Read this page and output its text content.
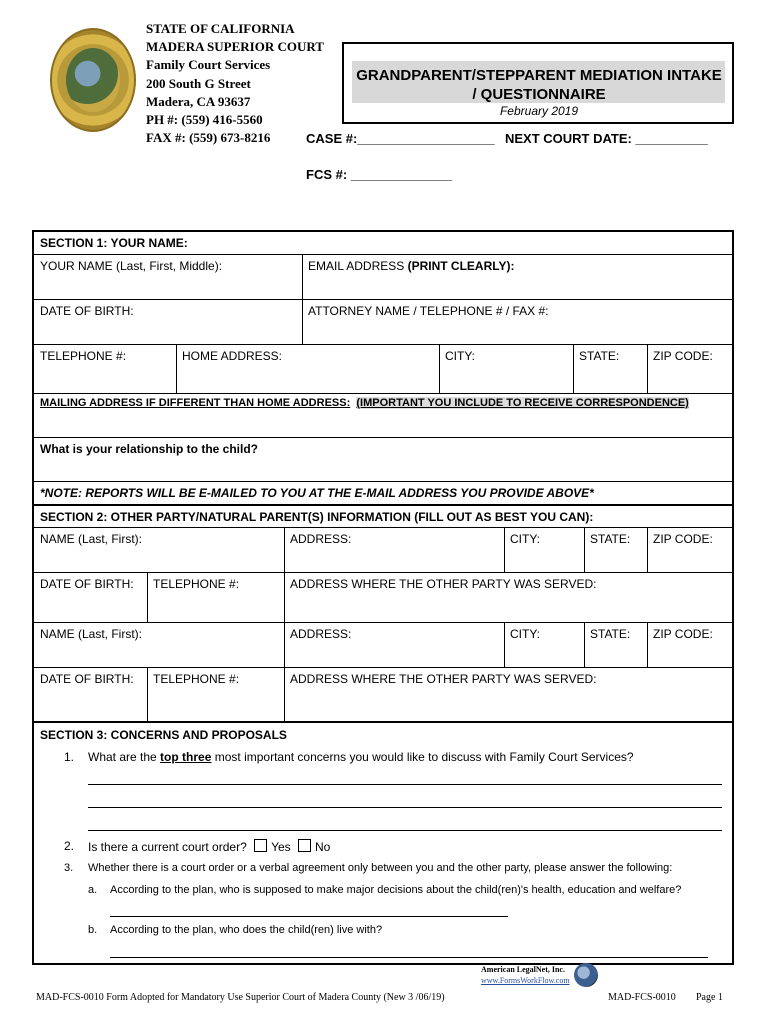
STATE OF CALIFORNIA
MADERA SUPERIOR COURT
Family Court Services
200 South G Street
Madera, CA 93637
PH #: (559) 416-5560
FAX #: (559) 673-8216
GRANDPARENT/STEPPARENT MEDIATION INTAKE
/ QUESTIONNAIRE
February 2019
CASE #:___________________ NEXT COURT DATE: __________
FCS #: ______________
SECTION 1: YOUR NAME:
YOUR NAME (Last, First, Middle):	EMAIL ADDRESS (PRINT CLEARLY):
DATE OF BIRTH:	ATTORNEY NAME / TELEPHONE # / FAX #:
TELEPHONE #:	HOME ADDRESS:	CITY:	STATE:	ZIP CODE:
MAILING ADDRESS IF DIFFERENT THAN HOME ADDRESS: (IMPORTANT YOU INCLUDE TO RECEIVE CORRESPONDENCE)
What is your relationship to the child?
*NOTE: REPORTS WILL BE E-MAILED TO YOU AT THE E-MAIL ADDRESS YOU PROVIDE ABOVE*
SECTION 2: OTHER PARTY/NATURAL PARENT(S) INFORMATION (FILL OUT AS BEST YOU CAN):
NAME (Last, First):	ADDRESS:	CITY:	STATE:	ZIP CODE:
DATE OF BIRTH:	TELEPHONE #:	ADDRESS WHERE THE OTHER PARTY WAS SERVED:
NAME (Last, First):	ADDRESS:	CITY:	STATE:	ZIP CODE:
DATE OF BIRTH:	TELEPHONE #:	ADDRESS WHERE THE OTHER PARTY WAS SERVED:
SECTION 3: CONCERNS AND PROPOSALS
1. What are the top three most important concerns you would like to discuss with Family Court Services?
2. Is there a current court order? Yes No
3. Whether there is a court order or a verbal agreement only between you and the other party, please answer the following:
a. According to the plan, who is supposed to make major decisions about the child(ren)'s health, education and welfare?
b. According to the plan, who does the child(ren) live with?
American LegalNet, Inc.
www.FormsWorkFlow.com
MAD-FCS-0010 Form Adopted for Mandatory Use Superior Court of Madera County (New 3 /06/19)	MAD-FCS-0010 Page 1
